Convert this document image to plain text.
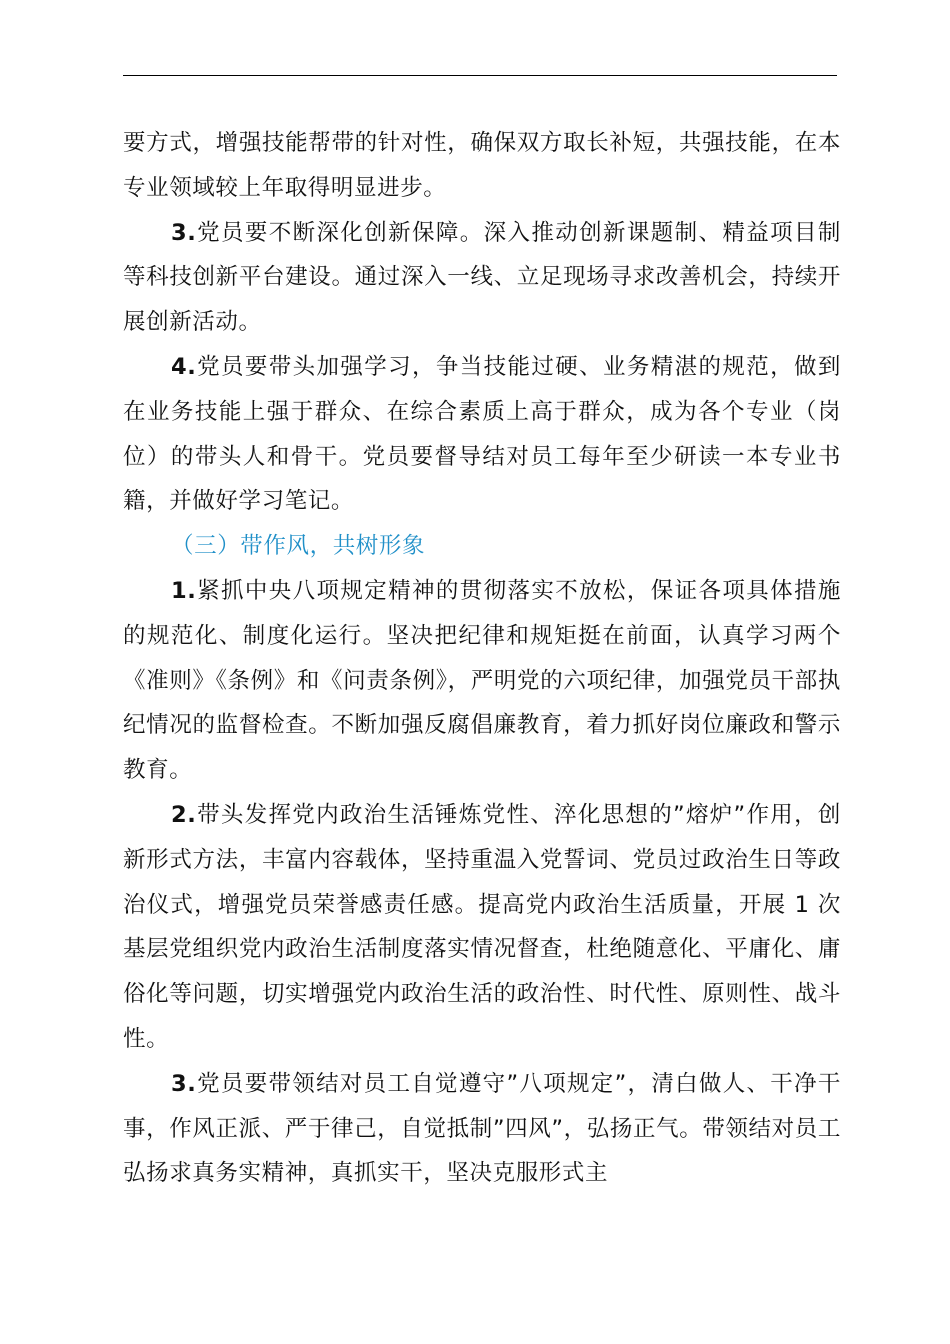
要方式，增强技能帮带的针对性，确保双方取长补短，共强技能，在本专业领域较上年取得明显进步。

3.党员要不断深化创新保障。深入推动创新课题制、精益项目制等科技创新平台建设。通过深入一线、立足现场寻求改善机会，持续开展创新活动。

4.党员要带头加强学习，争当技能过硬、业务精湛的规范，做到在业务技能上强于群众、在综合素质上高于群众，成为各个专业（岗位）的带头人和骨干。党员要督导结对员工每年至少研读一本专业书籍，并做好学习笔记。

（三）带作风，共树形象

1.紧抓中央八项规定精神的贯彻落实不放松，保证各项具体措施的规范化、制度化运行。坚决把纪律和规矩挺在前面，认真学习两个《准则》《条例》和《问责条例》，严明党的六项纪律，加强党员干部执纪情况的监督检查。不断加强反腐倡廉教育，着力抓好岗位廉政和警示教育。

2.带头发挥党内政治生活锤炼党性、淬化思想的”熔炉”作用，创新形式方法，丰富内容载体，坚持重温入党誓词、党员过政治生日等政治仪式，增强党员荣誉感责任感。提高党内政治生活质量，开展 1 次基层党组织党内政治生活制度落实情况督查，杜绝随意化、平庸化、庸俗化等问题，切实增强党内政治生活的政治性、时代性、原则性、战斗性。

3.党员要带领结对员工自觉遵守”八项规定”，清白做人、干净干事，作风正派、严于律己，自觉抵制”四风”，弘扬正气。带领结对员工弘扬求真务实精神，真抓实干，坚决克服形式主
